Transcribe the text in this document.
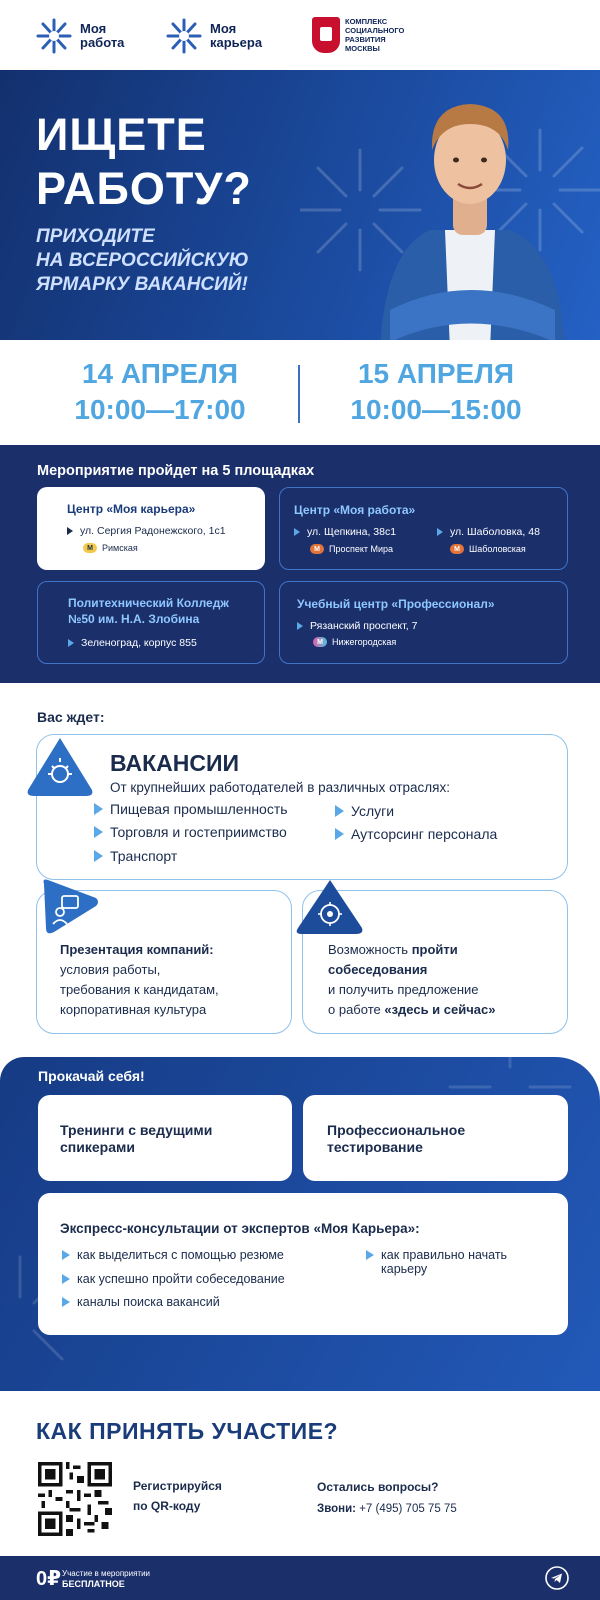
Моя
работа
Моя
карьера
КОМПЛЕКС
СОЦИАЛЬНОГО
РАЗВИТИЯ
МОСКВЫ
ИЩЕТЕ
РАБОТУ?
ПРИХОДИТЕ
НА ВСЕРОССИЙСКУЮ
ЯРМАРКУ ВАКАНСИЙ!
14 АПРЕЛЯ
10:00—17:00
15 АПРЕЛЯ
10:00—15:00
Мероприятие пройдет на 5 площадках
Центр «Моя карьера»
ул. Сергия Радонежского, 1с1
М	Римская
Центр «Моя работа»
ул. Щепкина, 38с1
М	Проспект Мира
ул. Шаболовка, 48
М	Шаболовская
Политехнический Колледж
№50 им. Н.А. Злобина
Зеленоград, корпус 855
Учебный центр «Профессионал»
Рязанский проспект, 7
М	Нижегородская
Вас ждет:
ВАКАНСИИ
От крупнейших работодателей в различных отраслях:
Пищевая промышленность
Торговля и гостеприимство
Транспорт
Услуги
Аутсорсинг персонала
Презентация компаний:
условия работы,
требования к кандидатам,
корпоративная культура
Возможность пройти
собеседования
и получить предложение
о работе «здесь и сейчас»
Прокачай себя!
Тренинги с ведущими
спикерами
Профессиональное
тестирование
Экспресс-консультации от экспертов «Моя Карьера»:
как выделиться с помощью резюме
как успешно пройти собеседование
каналы поиска вакансий
как правильно начать
карьеру
КАК ПРИНЯТЬ УЧАСТИЕ?
Регистрируйся
по QR-коду
Остались вопросы?
Звони: +7 (495) 705 75 75
0₽ Участие в мероприятии
БЕСПЛАТНОЕ
